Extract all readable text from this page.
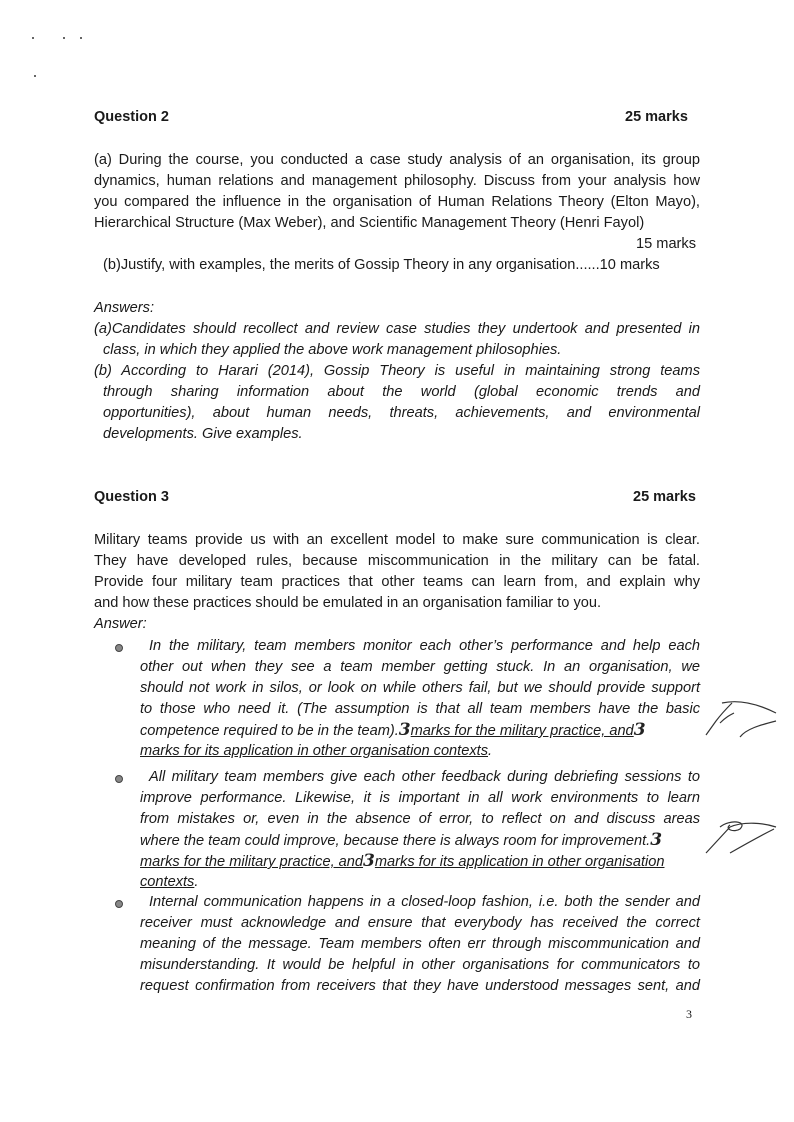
Question 2	25 marks
(a) During the course, you conducted a case study analysis of an organisation, its group
dynamics, human relations and management philosophy. Discuss from your analysis how
you compared the influence in the organisation of Human Relations Theory (Elton Mayo),
Hierarchical Structure (Max Weber), and Scientific Management Theory (Henri Fayol)
15 marks
(b)Justify, with examples, the merits of Gossip Theory in any organisation......10 marks
Answers:
(a)Candidates should recollect and review case studies they undertook and presented in
class, in which they applied the above work management philosophies.
(b) According to Harari (2014), Gossip Theory is useful in maintaining strong teams
through sharing information about the world (global economic trends and
opportunities), about human needs, threats, achievements, and environmental
developments. Give examples.
Question 3	25 marks
Military teams provide us with an excellent model to make sure communication is clear.
They have developed rules, because miscommunication in the military can be fatal.
Provide four military team practices that other teams can learn from, and explain why
and how these practices should be emulated in an organisation familiar to you.
Answer:
In the military, team members monitor each other’s performance and help each
other out when they see a team member getting stuck. In an organisation, we
should not work in silos, or look on while others fail, but we should provide support
to those who need it. (The assumption is that all team members have the basic
competence required to be in the team).3marks for the military practice, and3
marks for its application in other organisation contexts.
All military team members give each other feedback during debriefing sessions to
improve performance. Likewise, it is important in all work environments to learn
from mistakes or, even in the absence of error, to reflect on and discuss areas
where the team could improve, because there is always room for improvement.3
marks for the military practice, and3marks for its application in other organisation
contexts.
Internal communication happens in a closed-loop fashion, i.e. both the sender and
receiver must acknowledge and ensure that everybody has received the correct
meaning of the message. Team members often err through miscommunication and
misunderstanding. It would be helpful in other organisations for communicators to
request confirmation from receivers that they have understood messages sent, and
3
